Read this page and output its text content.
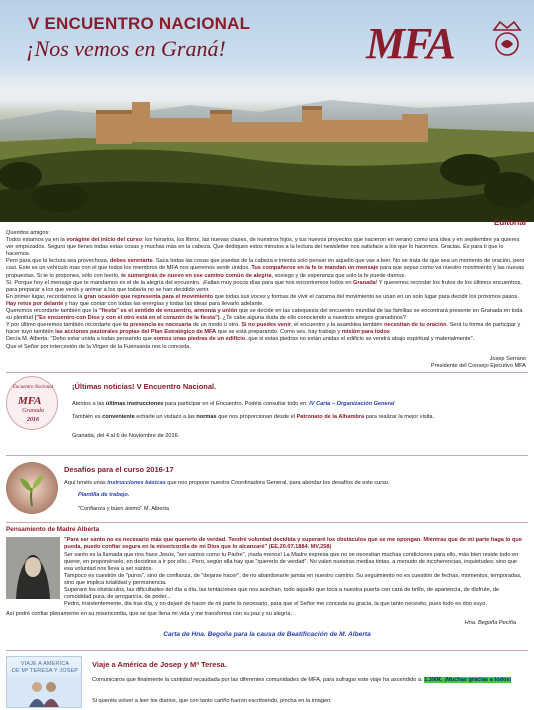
V ENCUENTRO NACIONAL
¡Nos vemos en Graná!	MFA
Editorial

Queridos amigos:

Todos estamos ya en la vorágine del inicio del curso: los horarios, los libros, las nuevas clases, de nuestros hijos, y tus nuevos proyectos que nacieron en verano como una idea y en septiembre ya quieres ver empezados. Seguro que tienes todas estas cosas y muchas más en la cabeza. Que dediques estos minutos a la lectura del newsletter nos satisface a los que lo hacemos. Gracias. Es para ti que lo hacemos.

Pero para que la lectura sea provechosa, debes serenarte. Saca todas las cosas que puedas de la cabeza e intenta solo pensar en aquello que vas a leer. No se trata de que sea un momento de oración, pero casi. Este es un vehículo más con el que todos los miembros de MFA nos queremos sentir unidos. Tus compañeros en la fe te mandan un mensaje para que sepas como va nuestro movimiento y las nuevas propuestas. Si te lo propones, sólo con leerlo, te sumergirás de nuevo en ese camino común de alegría, sosiego y de esperanza que solo la fe puede darnos.

Sí. Porque hoy el mensaje que te mandamos es el de la alegría del encuentro. ¡Faltan muy pocos días para que nos encontremos todos en Granada! Y queremos recordar los frutos de los últimos encuentros, para preparar a los que venís y animar a los que todavía no se han decidido venir.

En primer lugar, recordamos la gran ocasión que representa para el movimiento que todas sus voces y formas de vivir el carisma del movimiento se unan en un solo lugar para decidir los próximos pasos. Hay retos por delante y hay que contar con todas las energías y todas las ideas para llevarlo adelante.

Queremos recordarte también que la "fiesta" es el sentido de encuentro, armonía y unión que se decide en las catequesis del encuentro mundial de las familias se encontrará presente en Granada en toda su plenitud ("Es encuentro con Dios y con el otro está en el corazón de la fiesta"). ¿Te cabe alguna duda de ello conociendo a nuestros amigos granadinos?

Y por último queremos también recordarte que tu presencia es necesaria de un modo u otro. Si no puedes venir, el encuentro y la asamblea también necesitan de tu oración. Será tu forma de participar y hacer tuyo también las acciones pastorales propias del Plan Estratégico de MFA que se está preparando. Como ves, hay trabajo y misión para todos

Decía M. Alberta: "Debo estar unida a todas pensando que somos unas piedras de un edificio, que si estas piedras no están unidas el edificio se vendrá abajo espiritual y materialmente".

Que el Señor por intercesión de la Virgen de la Fuensanta nos lo conceda.

Josep Serrano
Presidente del Consejo Ejecutivo MFA
Encuentro Nacional
MFA
Granada
2016
¡Últimas noticias! V Encuentro Nacional.
Atentos a las últimas instrucciones para participar en el Encuentro. Podéis consultar todo en: IV Carta – Organización General
También es conveniente echarle un vistazo a las normas que nos proporcionan desde el Patronato de la Alhambra para realizar la mejor visita.
Granada, del 4 al 6 de Noviembre de 2016.
Desafíos para el curso 2016-17
Aquí tenéis unas instrucciones básicas que nos propone nuestra Coordinadora General, para abordar los desafíos de este curso.
Plantilla de trabajo.
"Confianza y buen ánimo" M. Alberta
Pensamiento de Madre Alberta
"Para ser santo no es necesario más que quererlo de verdad. Tendré voluntad decidida y superaré los obstáculos que se me opongan. Mientras que de mi parte haga lo que pueda, puedo confiar segura en la misericordia de mi Dios que lo alcanzaré" (EE,20.07.1884. MV,258)
Ser santo es la llamada que nos hace Jesús, "ser santos como tu Padre", ¡nada menos! La Madre expresa que no se necesitan muchas condiciones para ello, más bien reside todo en querer, en proponérselo, en decidirse a ir por ello... Pero, según ella hay que "quererlo de verdad". No valen nuestras medias tintas, a menudo de incoherencias, inquietudes; sino que esa voluntad nos lleva a ser santos.
Tampoco es cuestión de "puros", sino de confianza, de "dejarse hacer", de no abandonarle jamás en nuestro camino. Su seguimiento no es cuestión de fechas, momentos, temporadas, sino que implica totalidad y permanencia.
Superaré los obstáculos, las dificultades del día a día, las tentaciones que nos acechan, todo aquello que toca a nuestra puerta con cara de brillo, de apariencia, de disfrute, de comodidad pura, de arrogancia, de poder...
Pedro, insistentemente, dia tras día, y no dejaré de hacer de mi parte lo necesario, para que el Señor me conceda su gracia, la que tanto necesito, pues todo es don suyo.
Así podré confiar plenamente en su misericordia, que se que llena mi vida y me transforma con su paz y su alegría.
Hna. Begoña Peciña
Carta de Hna. Begoña para la causa de Beatificación de M. Alberta
VIAJE A AMERICA
DE Mª TERESA Y JOSEP
Viaje a América de Josep y Mª Teresa.
Comunicaros que finalmente la cantidad recaudada por las diferentes comunidades de MFA, para sufragar este viaje ha ascendido a: 1.390€. ¡Muchas gracias a todos!
Si queréis volver a leer los diarios, que con tanto cariño fueron escribiendo, pincha en la imagen.
